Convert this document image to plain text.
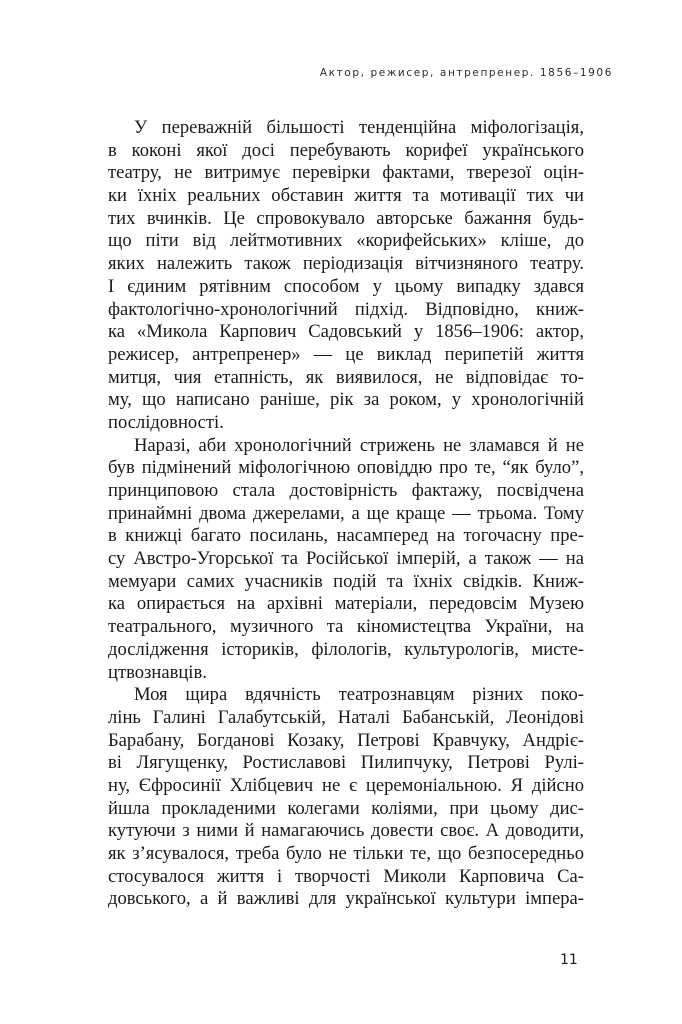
Актор, режисер, антрепренер. 1856–1906
У переважній більшості тенденційна міфологізація,
в коконі якої досі перебувають корифеї українського
театру, не витримує перевірки фактами, тверезої оцін-
ки їхніх реальних обставин життя та мотивації тих чи
тих вчинків. Це спровокувало авторське бажання будь-
що піти від лейтмотивних «корифейських» кліше, до
яких належить також періодизація вітчизняного театру.
І єдиним рятівним способом у цьому випадку здався
фактологічно-хронологічний підхід. Відповідно, книж-
ка «Микола Карпович Садовський у 1856–1906: актор,
режисер, антрепренер» — це виклад перипетій життя
митця, чия етапність, як виявилося, не відповідає то-
му, що написано раніше, рік за роком, у хронологічній
послідовності.
Наразі, аби хронологічний стрижень не зламався й не
був підмінений міфологічною оповіддю про те, “як було”,
принциповою стала достовірність фактажу, посвідчена
принаймні двома джерелами, а ще краще — трьома. Тому
в книжці багато посилань, насамперед на тогочасну пре-
су Австро-Угорської та Російської імперій, а також — на
мемуари самих учасників подій та їхніх свідків. Книж-
ка опирається на архівні матеріали, передовсім Музею
театрального, музичного та кіномистецтва України, на
дослідження істориків, філологів, культурологів, мисте-
цтвознавців.
Моя щира вдячність театрознавцям різних поко-
лінь Галині Галабутській, Наталі Бабанській, Леонідові
Барабану, Богданові Козаку, Петрові Кравчуку, Андріє-
ві Лягущенку, Ростиславові Пилипчуку, Петрові Рулі-
ну, Єфросинії Хлібцевич не є церемоніальною. Я дійсно
йшла прокладеними колегами коліями, при цьому дис-
кутуючи з ними й намагаючись довести своє. А доводити,
як з’ясувалося, треба було не тільки те, що безпосередньо
стосувалося життя і творчості Миколи Карповича Са-
довського, а й важливі для української культури імпера-
11
